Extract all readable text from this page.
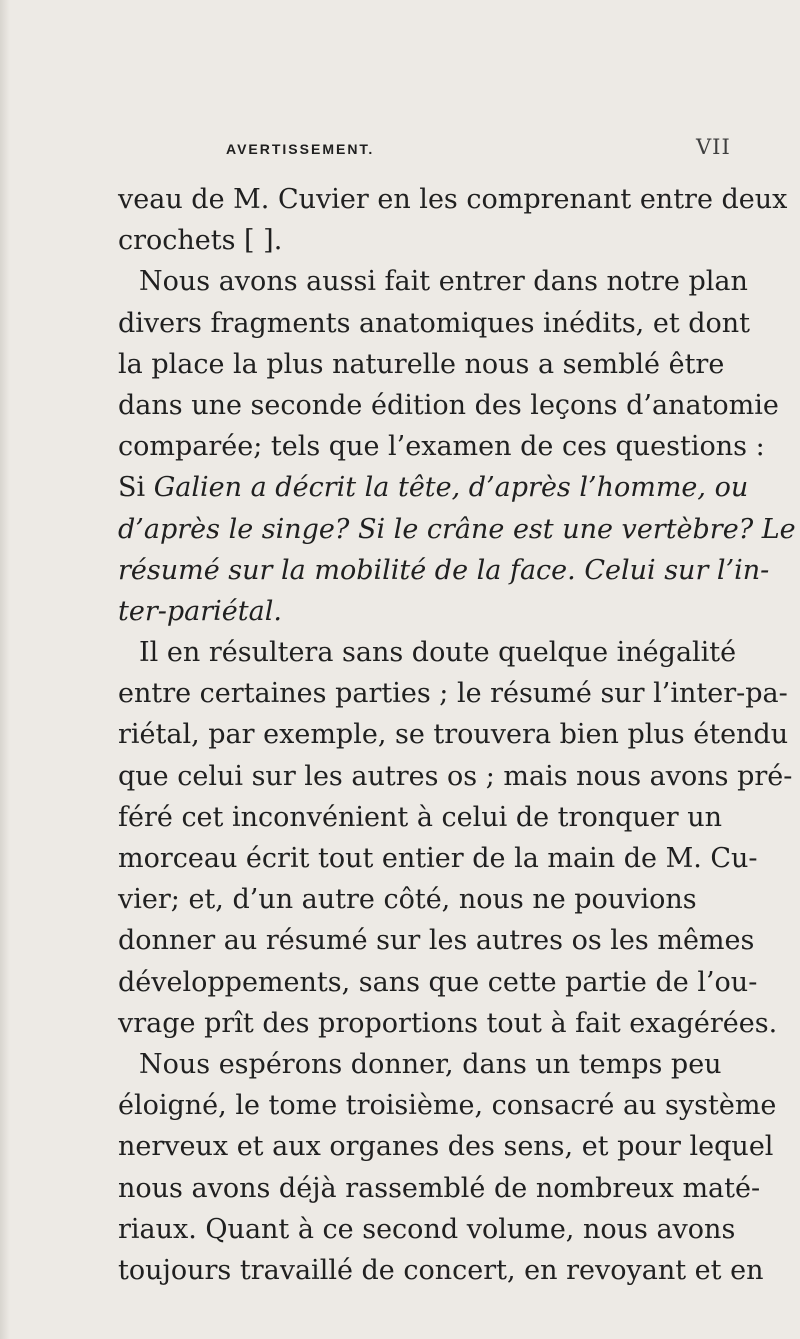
AVERTISSEMENT.	VII
veau de M. Cuvier en les comprenant entre deux
crochets [ ].
Nous avons aussi fait entrer dans notre plan
divers fragments anatomiques inédits, et dont
la place la plus naturelle nous a semblé être
dans une seconde édition des leçons d’anatomie
comparée; tels que l’examen de ces questions :
Si Galien a décrit la tête, d’après l’homme, ou
d’après le singe? Si le crâne est une vertèbre? Le
résumé sur la mobilité de la face. Celui sur l’in-
ter-pariétal.
Il en résultera sans doute quelque inégalité
entre certaines parties ; le résumé sur l’inter-pa-
riétal, par exemple, se trouvera bien plus étendu
que celui sur les autres os ; mais nous avons pré-
féré cet inconvénient à celui de tronquer un
morceau écrit tout entier de la main de M. Cu-
vier; et, d’un autre côté, nous ne pouvions
donner au résumé sur les autres os les mêmes
développements, sans que cette partie de l’ou-
vrage prît des proportions tout à fait exagérées.
Nous espérons donner, dans un temps peu
éloigné, le tome troisième, consacré au système
nerveux et aux organes des sens, et pour lequel
nous avons déjà rassemblé de nombreux maté-
riaux. Quant à ce second volume, nous avons
toujours travaillé de concert, en revoyant et en
